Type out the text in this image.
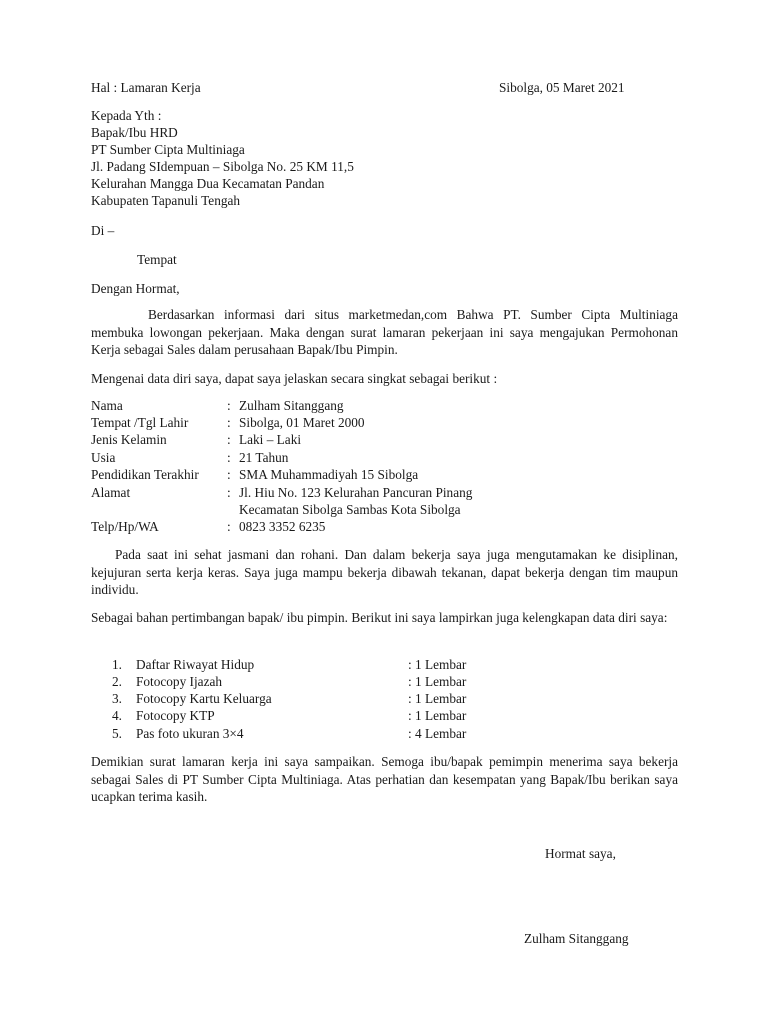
Hal : Lamaran Kerja	Sibolga, 05 Maret 2021
Kepada Yth :
Bapak/Ibu HRD
PT Sumber Cipta Multiniaga
Jl. Padang SIdempuan – Sibolga No. 25 KM 11,5
Kelurahan Mangga Dua Kecamatan Pandan
Kabupaten Tapanuli Tengah
Di –
Tempat
Dengan Hormat,

Berdasarkan informasi dari situs marketmedan,com Bahwa PT. Sumber Cipta Multiniaga membuka lowongan pekerjaan. Maka dengan surat lamaran pekerjaan ini saya mengajukan Permohonan Kerja sebagai Sales dalam perusahaan Bapak/Ibu Pimpin.

Mengenai data diri saya, dapat saya jelaskan secara singkat sebagai berikut :
Nama	: Zulham Sitanggang
Tempat /Tgl Lahir	: Sibolga, 01 Maret 2000
Jenis Kelamin	: Laki – Laki
Usia	: 21 Tahun
Pendidikan Terakhir : SMA Muhammadiyah 15 Sibolga
Alamat	: Jl. Hiu No. 123 Kelurahan Pancuran Pinang
Kecamatan Sibolga Sambas Kota Sibolga
Telp/Hp/WA	: 0823 3352 6235

Pada saat ini sehat jasmani dan rohani. Dan dalam bekerja saya juga mengutamakan ke disiplinan, kejujuran serta kerja keras. Saya juga mampu bekerja dibawah tekanan, dapat bekerja dengan tim maupun individu.

Sebagai bahan pertimbangan bapak/ ibu pimpin. Berikut ini saya lampirkan juga kelengkapan data diri saya:

1. Daftar Riwayat Hidup	: 1 Lembar
2. Fotocopy Ijazah	: 1 Lembar
3. Fotocopy Kartu Keluarga	: 1 Lembar
4. Fotocopy KTP	: 1 Lembar
5. Pas foto ukuran 3×4	: 4 Lembar

Demikian surat lamaran kerja ini saya sampaikan. Semoga ibu/bapak pemimpin menerima saya bekerja sebagai Sales di PT Sumber Cipta Multiniaga. Atas perhatian dan kesempatan yang Bapak/Ibu berikan saya ucapkan terima kasih.

Hormat saya,
Zulham Sitanggang
